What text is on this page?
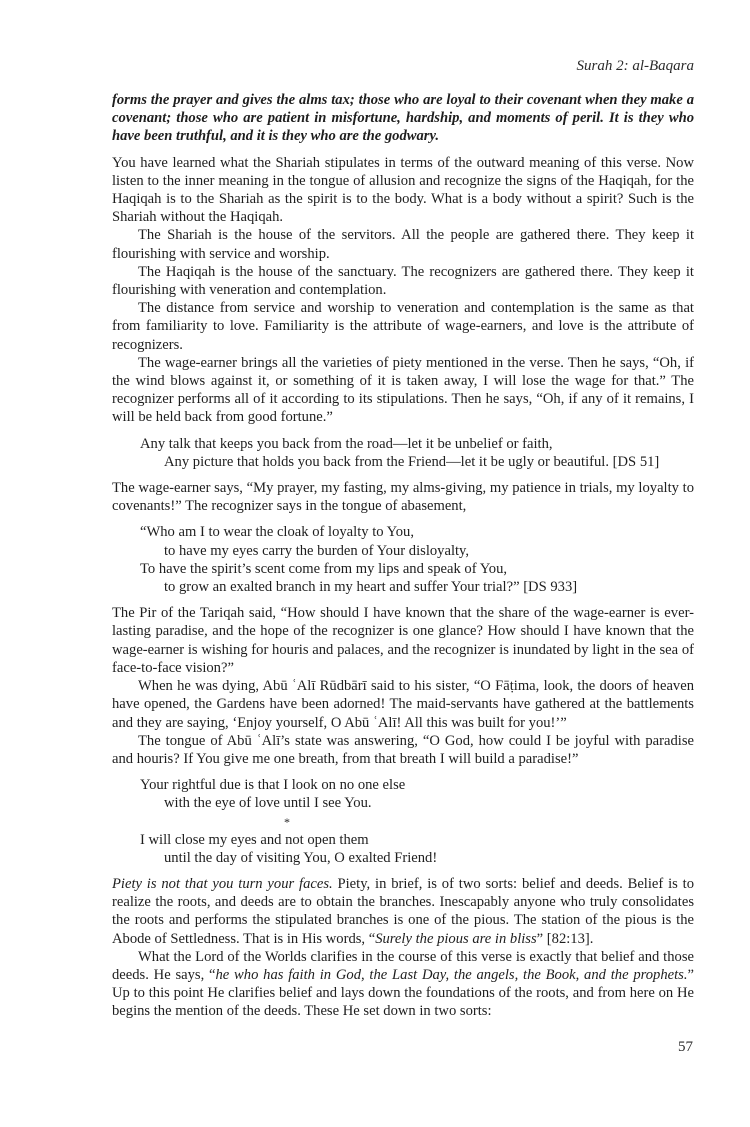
Surah 2: al-Baqara

forms the prayer and gives the alms tax; those who are loyal to their covenant when they make a covenant; those who are patient in misfortune, hardship, and moments of peril. It is they who have been truthful, and it is they who are the godwary.

You have learned what the Shariah stipulates in terms of the outward meaning of this verse. Now listen to the inner meaning in the tongue of allusion and recognize the signs of the Haqiqah, for the Haqiqah is to the Shariah as the spirit is to the body. What is a body without a spirit? Such is the Shariah without the Haqiqah.

The Shariah is the house of the servitors. All the people are gathered there. They keep it flourishing with service and worship.

The Haqiqah is the house of the sanctuary. The recognizers are gathered there. They keep it flourishing with veneration and contemplation.

The distance from service and worship to veneration and contemplation is the same as that from familiarity to love. Familiarity is the attribute of wage-earners, and love is the attribute of recognizers.

The wage-earner brings all the varieties of piety mentioned in the verse. Then he says, “Oh, if the wind blows against it, or something of it is taken away, I will lose the wage for that.” The recognizer performs all of it according to its stipulations. Then he says, “Oh, if any of it remains, I will be held back from good fortune.”

Any talk that keeps you back from the road—let it be unbelief or faith,
Any picture that holds you back from the Friend—let it be ugly or beautiful. [DS 51]

The wage-earner says, “My prayer, my fasting, my alms-giving, my patience in trials, my loyalty to covenants!” The recognizer says in the tongue of abasement,

“Who am I to wear the cloak of loyalty to You,
to have my eyes carry the burden of Your disloyalty,
To have the spirit’s scent come from my lips and speak of You,
to grow an exalted branch in my heart and suffer Your trial?” [DS 933]

The Pir of the Tariqah said, “How should I have known that the share of the wage-earner is ever-lasting paradise, and the hope of the recognizer is one glance? How should I have known that the wage-earner is wishing for houris and palaces, and the recognizer is inundated by light in the sea of face-to-face vision?”

When he was dying, Abū ʿAlī Rūdbārī said to his sister, “O Fāṭima, look, the doors of heaven have opened, the Gardens have been adorned! The maid-servants have gathered at the battlements and they are saying, ‘Enjoy yourself, O Abū ʿAlī! All this was built for you!’”

The tongue of Abū ʿAlī’s state was answering, “O God, how could I be joyful with paradise and houris? If You give me one breath, from that breath I will build a paradise!”

Your rightful due is that I look on no one else
with the eye of love until I see You.
*
I will close my eyes and not open them
until the day of visiting You, O exalted Friend!

Piety is not that you turn your faces. Piety, in brief, is of two sorts: belief and deeds. Belief is to realize the roots, and deeds are to obtain the branches. Inescapably anyone who truly consolidates the roots and performs the stipulated branches is one of the pious. The station of the pious is the Abode of Settledness. That is in His words, “Surely the pious are in bliss” [82:13].

What the Lord of the Worlds clarifies in the course of this verse is exactly that belief and those deeds. He says, “he who has faith in God, the Last Day, the angels, the Book, and the prophets.” Up to this point He clarifies belief and lays down the foundations of the roots, and from here on He begins the mention of the deeds. These He set down in two sorts:

57
